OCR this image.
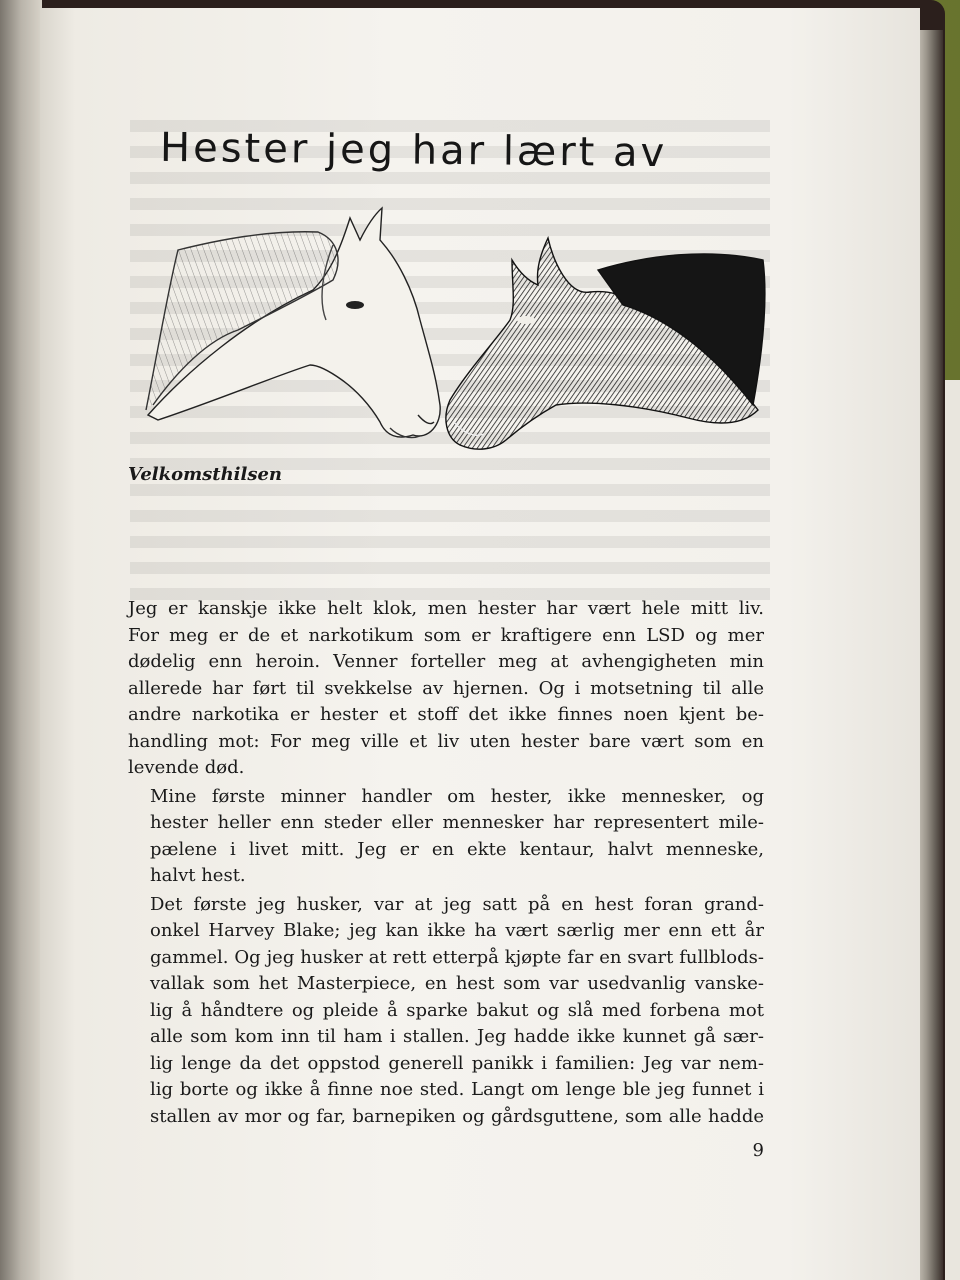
Hester jeg har lært av
Velkomsthilsen

Jeg er kanskje ikke helt klok, men hester har vært hele mitt liv.
For meg er de et narkotikum som er kraftigere enn LSD og mer
dødelig enn heroin. Venner forteller meg at avhengigheten min
allerede har ført til svekkelse av hjernen. Og i motsetning til alle
andre narkotika er hester et stoff det ikke finnes noen kjent be-
handling mot: For meg ville et liv uten hester bare vært som en
levende død.

Mine første minner handler om hester, ikke mennesker, og
hester heller enn steder eller mennesker har representert mile-
pælene i livet mitt. Jeg er en ekte kentaur, halvt menneske,
halvt hest.

Det første jeg husker, var at jeg satt på en hest foran grand-
onkel Harvey Blake; jeg kan ikke ha vært særlig mer enn ett år
gammel. Og jeg husker at rett etterpå kjøpte far en svart fullblods-
vallak som het Masterpiece, en hest som var usedvanlig vanske-
lig å håndtere og pleide å sparke bakut og slå med forbena mot
alle som kom inn til ham i stallen. Jeg hadde ikke kunnet gå sær-
lig lenge da det oppstod generell panikk i familien: Jeg var nem-
lig borte og ikke å finne noe sted. Langt om lenge ble jeg funnet i
stallen av mor og far, barnepiken og gårdsguttene, som alle hadde

9
